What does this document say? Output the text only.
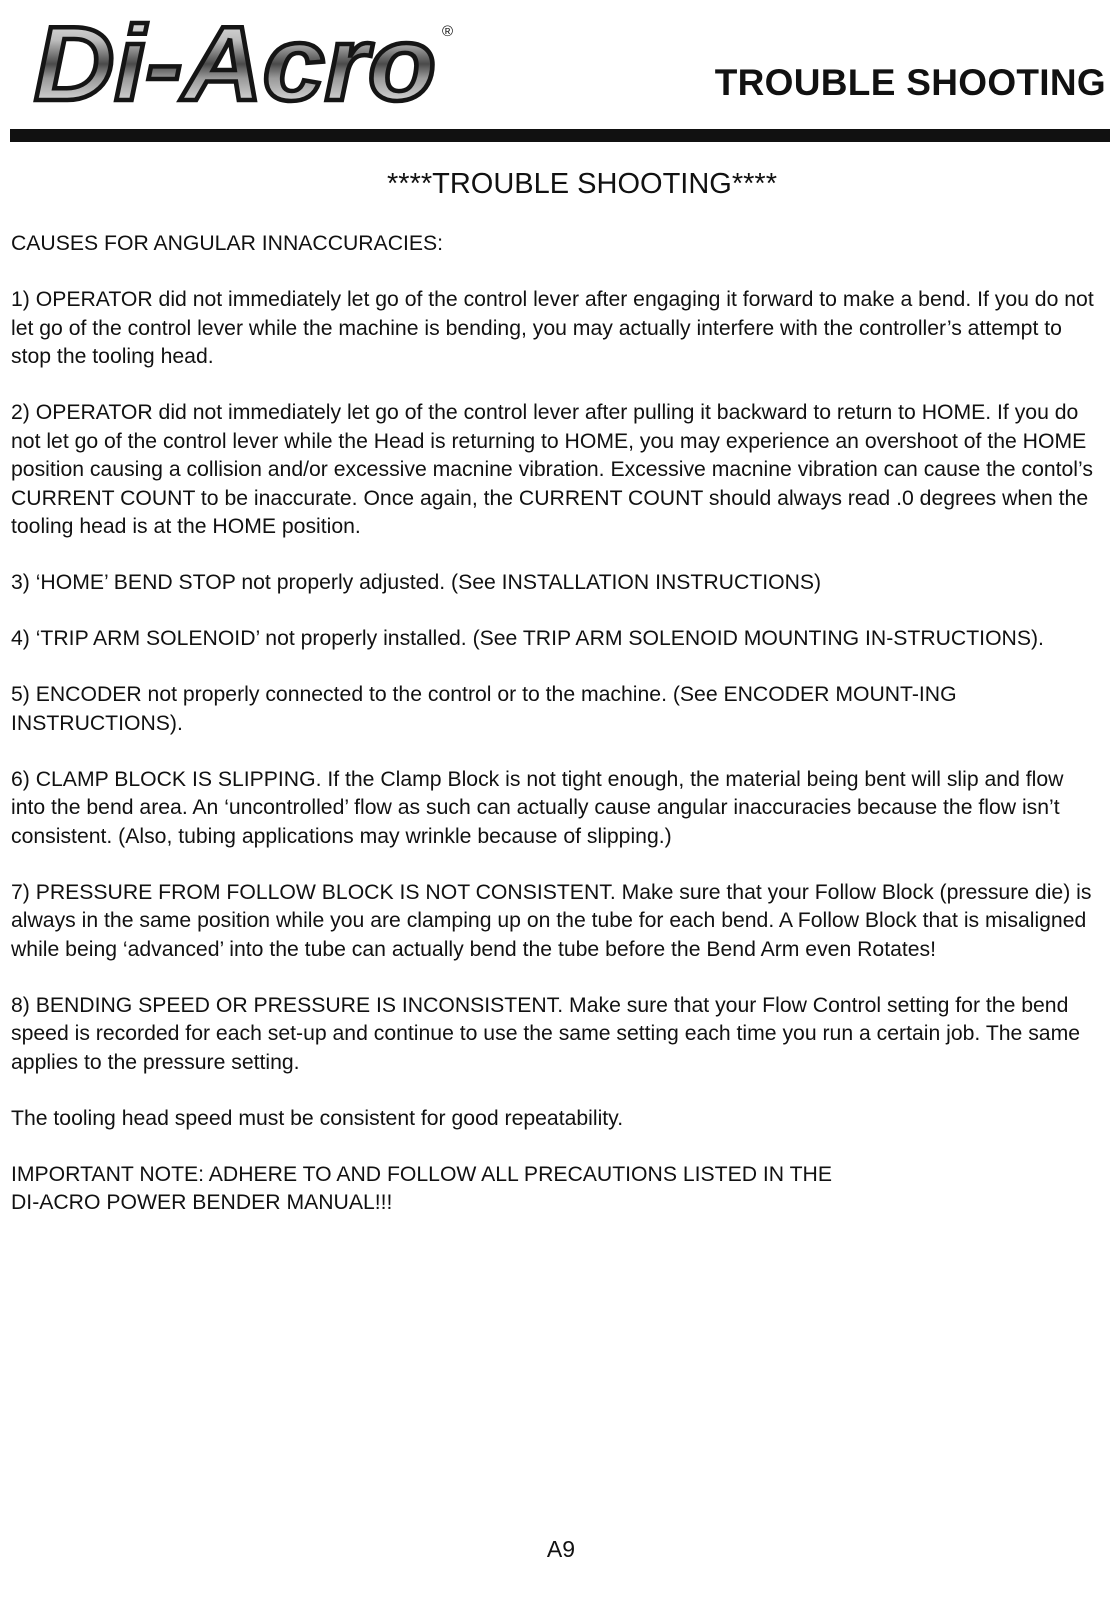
Di-Acro ®
TROUBLE SHOOTING
****TROUBLE SHOOTING****

CAUSES FOR ANGULAR INNACCURACIES:

1) OPERATOR did not immediately let go of the control lever after engaging it forward to make a bend. If you do not let go of the control lever while the machine is bending, you may actually interfere with the controller’s attempt to stop the tooling head.

2) OPERATOR did not immediately let go of the control lever after pulling it backward to return to HOME. If you do not let go of the control lever while the Head is returning to HOME, you may experience an overshoot of the HOME position causing a collision and/or excessive macnine vibration. Excessive macnine vibration can cause the contol’s CURRENT COUNT to be inaccurate. Once again, the CURRENT COUNT should always read .0 degrees when the tooling head is at the HOME position.

3) ‘HOME’ BEND STOP not properly adjusted. (See INSTALLATION INSTRUCTIONS)

4) ‘TRIP ARM SOLENOID’ not properly installed. (See TRIP ARM SOLENOID MOUNTING IN-STRUCTIONS).

5) ENCODER not properly connected to the control or to the machine. (See ENCODER MOUNT-ING INSTRUCTIONS).

6) CLAMP BLOCK IS SLIPPING. If the Clamp Block is not tight enough, the material being bent will slip and flow into the bend area. An ‘uncontrolled’ flow as such can actually cause angular inaccuracies because the flow isn’t consistent. (Also, tubing applications may wrinkle because of slipping.)

7) PRESSURE FROM FOLLOW BLOCK IS NOT CONSISTENT. Make sure that your Follow Block (pressure die) is always in the same position while you are clamping up on the tube for each bend. A Follow Block that is misaligned while being ‘advanced’ into the tube can actually bend the tube before the Bend Arm even Rotates!

8) BENDING SPEED OR PRESSURE IS INCONSISTENT. Make sure that your Flow Control setting for the bend speed is recorded for each set-up and continue to use the same setting each time you run a certain job. The same applies to the pressure setting.

The tooling head speed must be consistent for good repeatability.

IMPORTANT NOTE: ADHERE TO AND FOLLOW ALL PRECAUTIONS LISTED IN THE
DI-ACRO POWER BENDER MANUAL!!!

A9
